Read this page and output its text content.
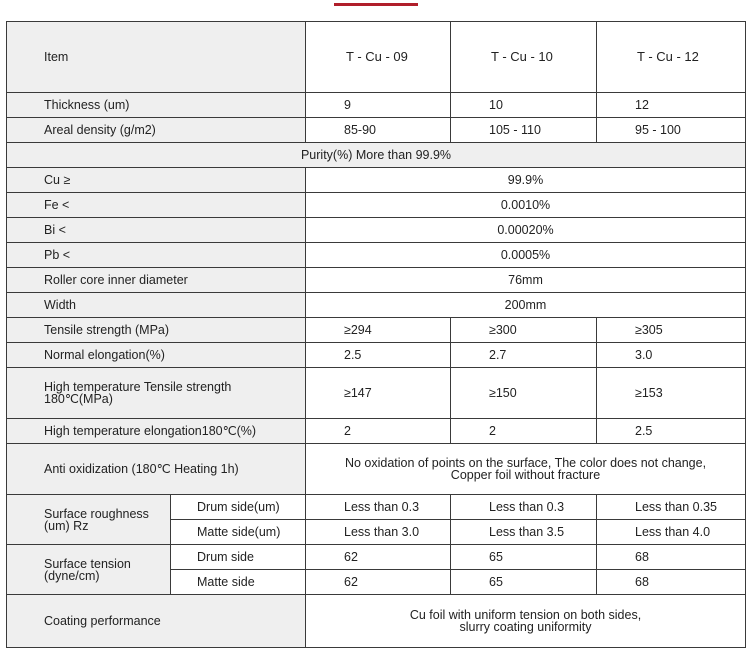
Item		T - Cu - 09	T - Cu - 10	T - Cu - 12
Thickness (um)		9	10	12
Areal density (g/m2)		85-90	105 - 110	95 - 100
Purity(%) More than 99.9%				
Cu ≥		99.9%		
Fe <		0.0010%		
Bi <		0.00020%		
Pb <		0.0005%		
Roller core inner diameter		76mm		
Width		200mm		
Tensile strength (MPa)		≥294	≥300	≥305
Normal elongation(%)		2.5	2.7	3.0

High temperature Tensile strength
180℃(MPa)		≥147	≥150	≥153
High temperature elongation180℃(%)		2	2	2.5
Anti oxidization (180℃ Heating 1h)		No oxidation of points on the surface, The color does not change,
Copper foil without fracture		

Surface roughness
(um) Rz	Drum side(um)	Less than 0.3	Less than 0.3	Less than 0.35
	Matte side(um)	Less than 3.0	Less than 3.5	Less than 4.0

Surface tension
(dyne/cm)	Drum side	62	65	68
	Matte side	62	65	68
Coating performance		Cu foil with uniform tension on both sides,
slurry coating uniformity		
